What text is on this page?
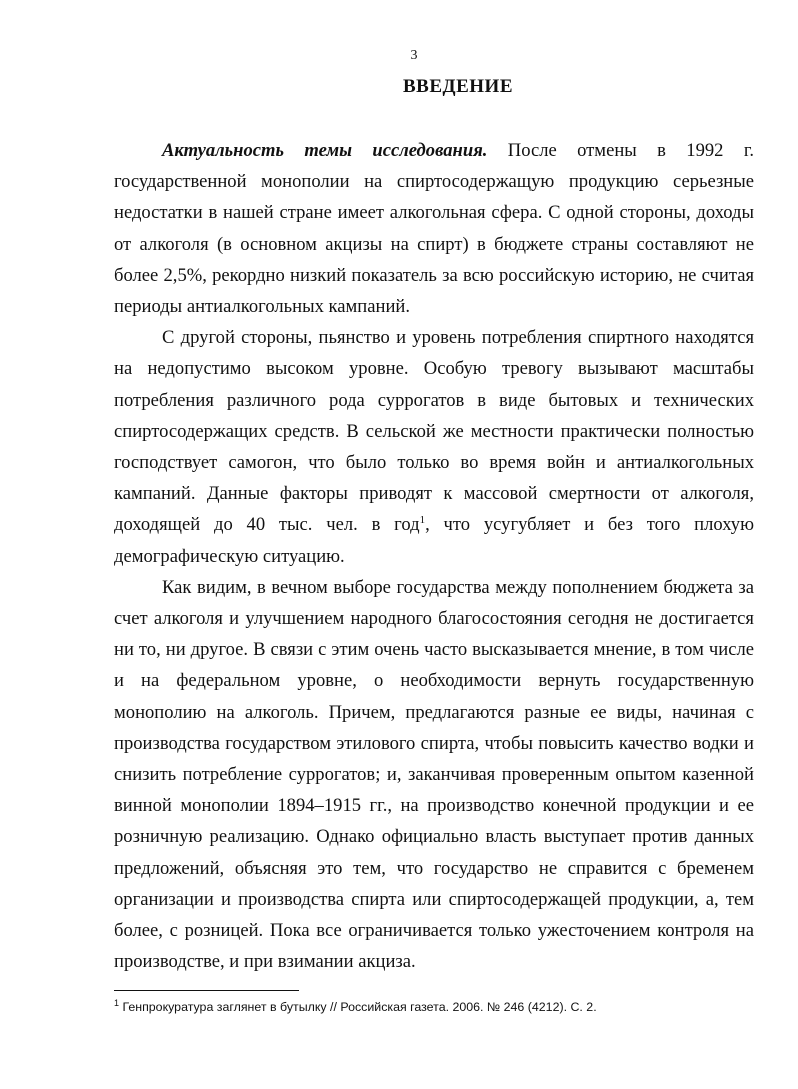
3
ВВЕДЕНИЕ

Актуальность темы исследования. После отмены в 1992 г. государственной монополии на спиртосодержащую продукцию серьезные недостатки в нашей стране имеет алкогольная сфера. С одной стороны, доходы от алкоголя (в основном акцизы на спирт) в бюджете страны составляют не более 2,5%, рекордно низкий показатель за всю российскую историю, не считая периоды антиалкогольных кампаний.

С другой стороны, пьянство и уровень потребления спиртного находятся на недопустимо высоком уровне. Особую тревогу вызывают масштабы потребления различного рода суррогатов в виде бытовых и технических спиртосодержащих средств. В сельской же местности практически полностью господствует самогон, что было только во время войн и антиалкогольных кампаний. Данные факторы приводят к массовой смертности от алкоголя, доходящей до 40 тыс. чел. в год$^1$, что усугубляет и без того плохую демографическую ситуацию.

Как видим, в вечном выборе государства между пополнением бюджета за счет алкоголя и улучшением народного благосостояния сегодня не достигается ни то, ни другое. В связи с этим очень часто высказывается мнение, в том числе и на федеральном уровне, о необходимости вернуть государственную монополию на алкоголь. Причем, предлагаются разные ее виды, начиная с производства государством этилового спирта, чтобы повысить качество водки и снизить потребление суррогатов; и, заканчивая проверенным опытом казенной винной монополии 1894–1915 гг., на производство конечной продукции и ее розничную реализацию. Однако официально власть выступает против данных предложений, объясняя это тем, что государство не справится с бременем организации и производства спирта или спиртосодержащей продукции, а, тем более, с розницей. Пока все ограничивается только ужесточением контроля на производстве, и при взимании акциза.

$^1$ Генпрокуратура заглянет в бутылку // Российская газета. 2006. № 246 (4212). С. 2.
